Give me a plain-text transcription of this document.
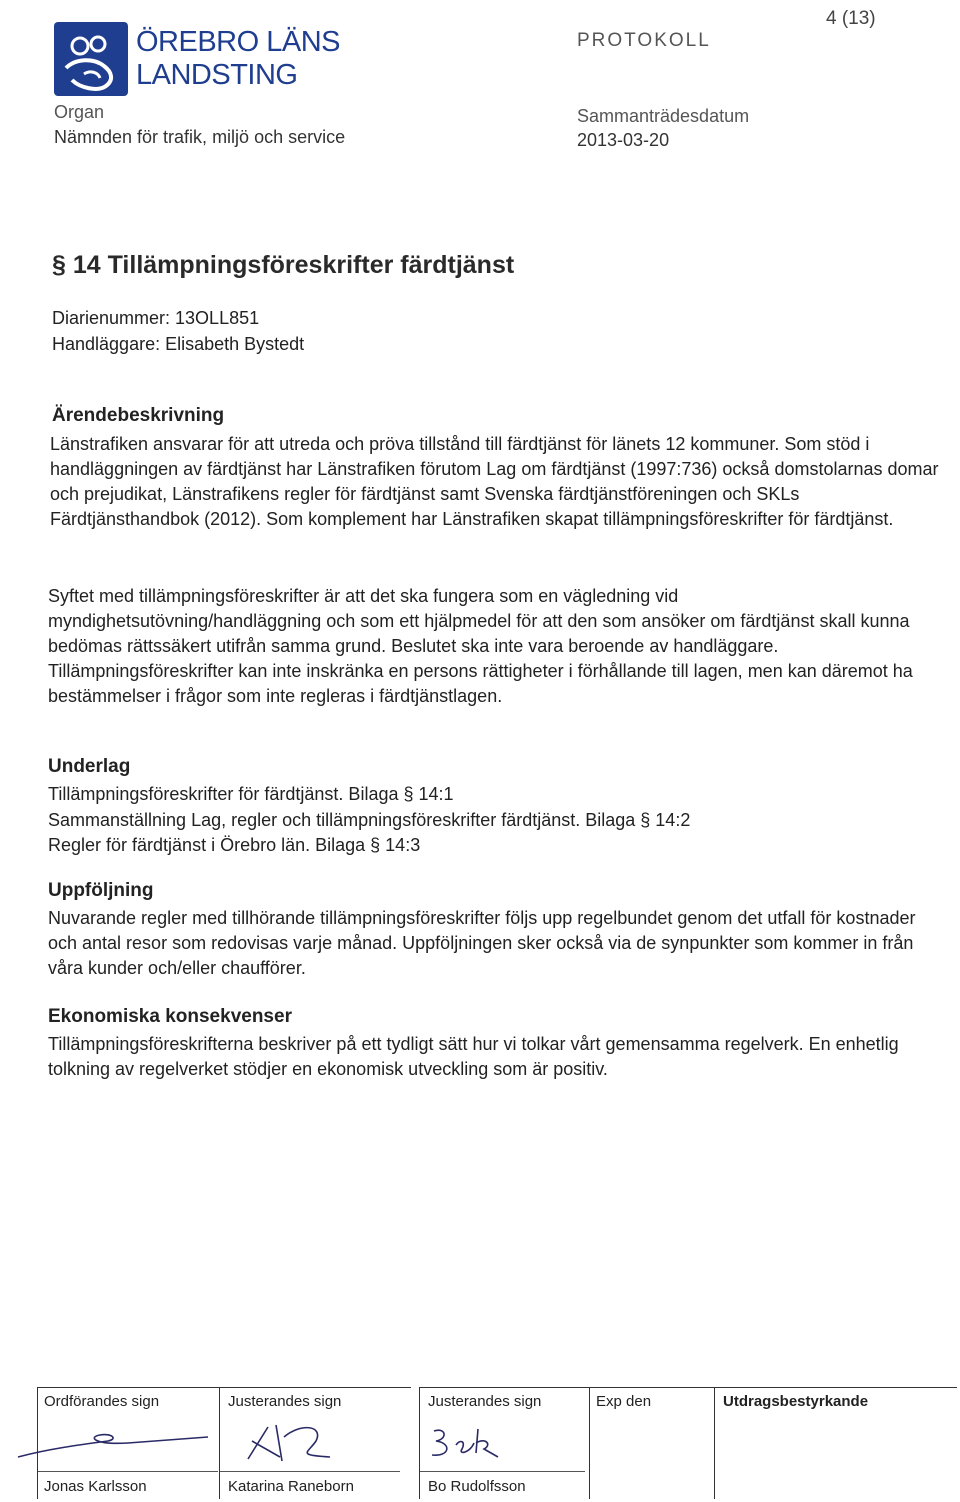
ÖREBRO LÄNS
LANDSTING
PROTOKOLL
4 (13)
Organ
Nämnden för trafik, miljö och service
Sammanträdesdatum
2013-03-20
§ 14 Tillämpningsföreskrifter färdtjänst
Diarienummer: 13OLL851
Handläggare: Elisabeth Bystedt
Ärendebeskrivning
Länstrafiken ansvarar för att utreda och pröva tillstånd till färdtjänst för länets 12 kommuner. Som stöd i handläggningen av färdtjänst har Länstrafiken förutom Lag om färdtjänst (1997:736) också domstolarnas domar och prejudikat, Länstrafikens regler för färdtjänst samt Svenska färdtjänstföreningen och SKLs Färdtjänsthandbok (2012). Som komplement har Länstrafiken skapat tillämpningsföreskrifter för färdtjänst.
Syftet med tillämpningsföreskrifter är att det ska fungera som en vägledning vid myndighetsutövning/handläggning och som ett hjälpmedel för att den som ansöker om färdtjänst skall kunna bedömas rättssäkert utifrån samma grund. Beslutet ska inte vara beroende av handläggare. Tillämpningsföreskrifter kan inte inskränka en persons rättigheter i förhållande till lagen, men kan däremot ha bestämmelser i frågor som inte regleras i färdtjänstlagen.
Underlag
Tillämpningsföreskrifter för färdtjänst. Bilaga § 14:1
Sammanställning Lag, regler och tillämpningsföreskrifter färdtjänst. Bilaga § 14:2
Regler för färdtjänst i Örebro län. Bilaga § 14:3
Uppföljning
Nuvarande regler med tillhörande tillämpningsföreskrifter följs upp regelbundet genom det utfall för kostnader och antal resor som redovisas varje månad. Uppföljningen sker också via de synpunkter som kommer in från våra kunder och/eller chaufförer.
Ekonomiska konsekvenser
Tillämpningsföreskrifterna beskriver på ett tydligt sätt hur vi tolkar vårt gemensamma regelverk. En enhetlig tolkning av regelverket stödjer en ekonomisk utveckling som är positiv.
Ordförandes sign
Jonas Karlsson
Justerandes sign
Katarina Raneborn
Justerandes sign
Bo Rudolfsson
Exp den	Utdragsbestyrkande
